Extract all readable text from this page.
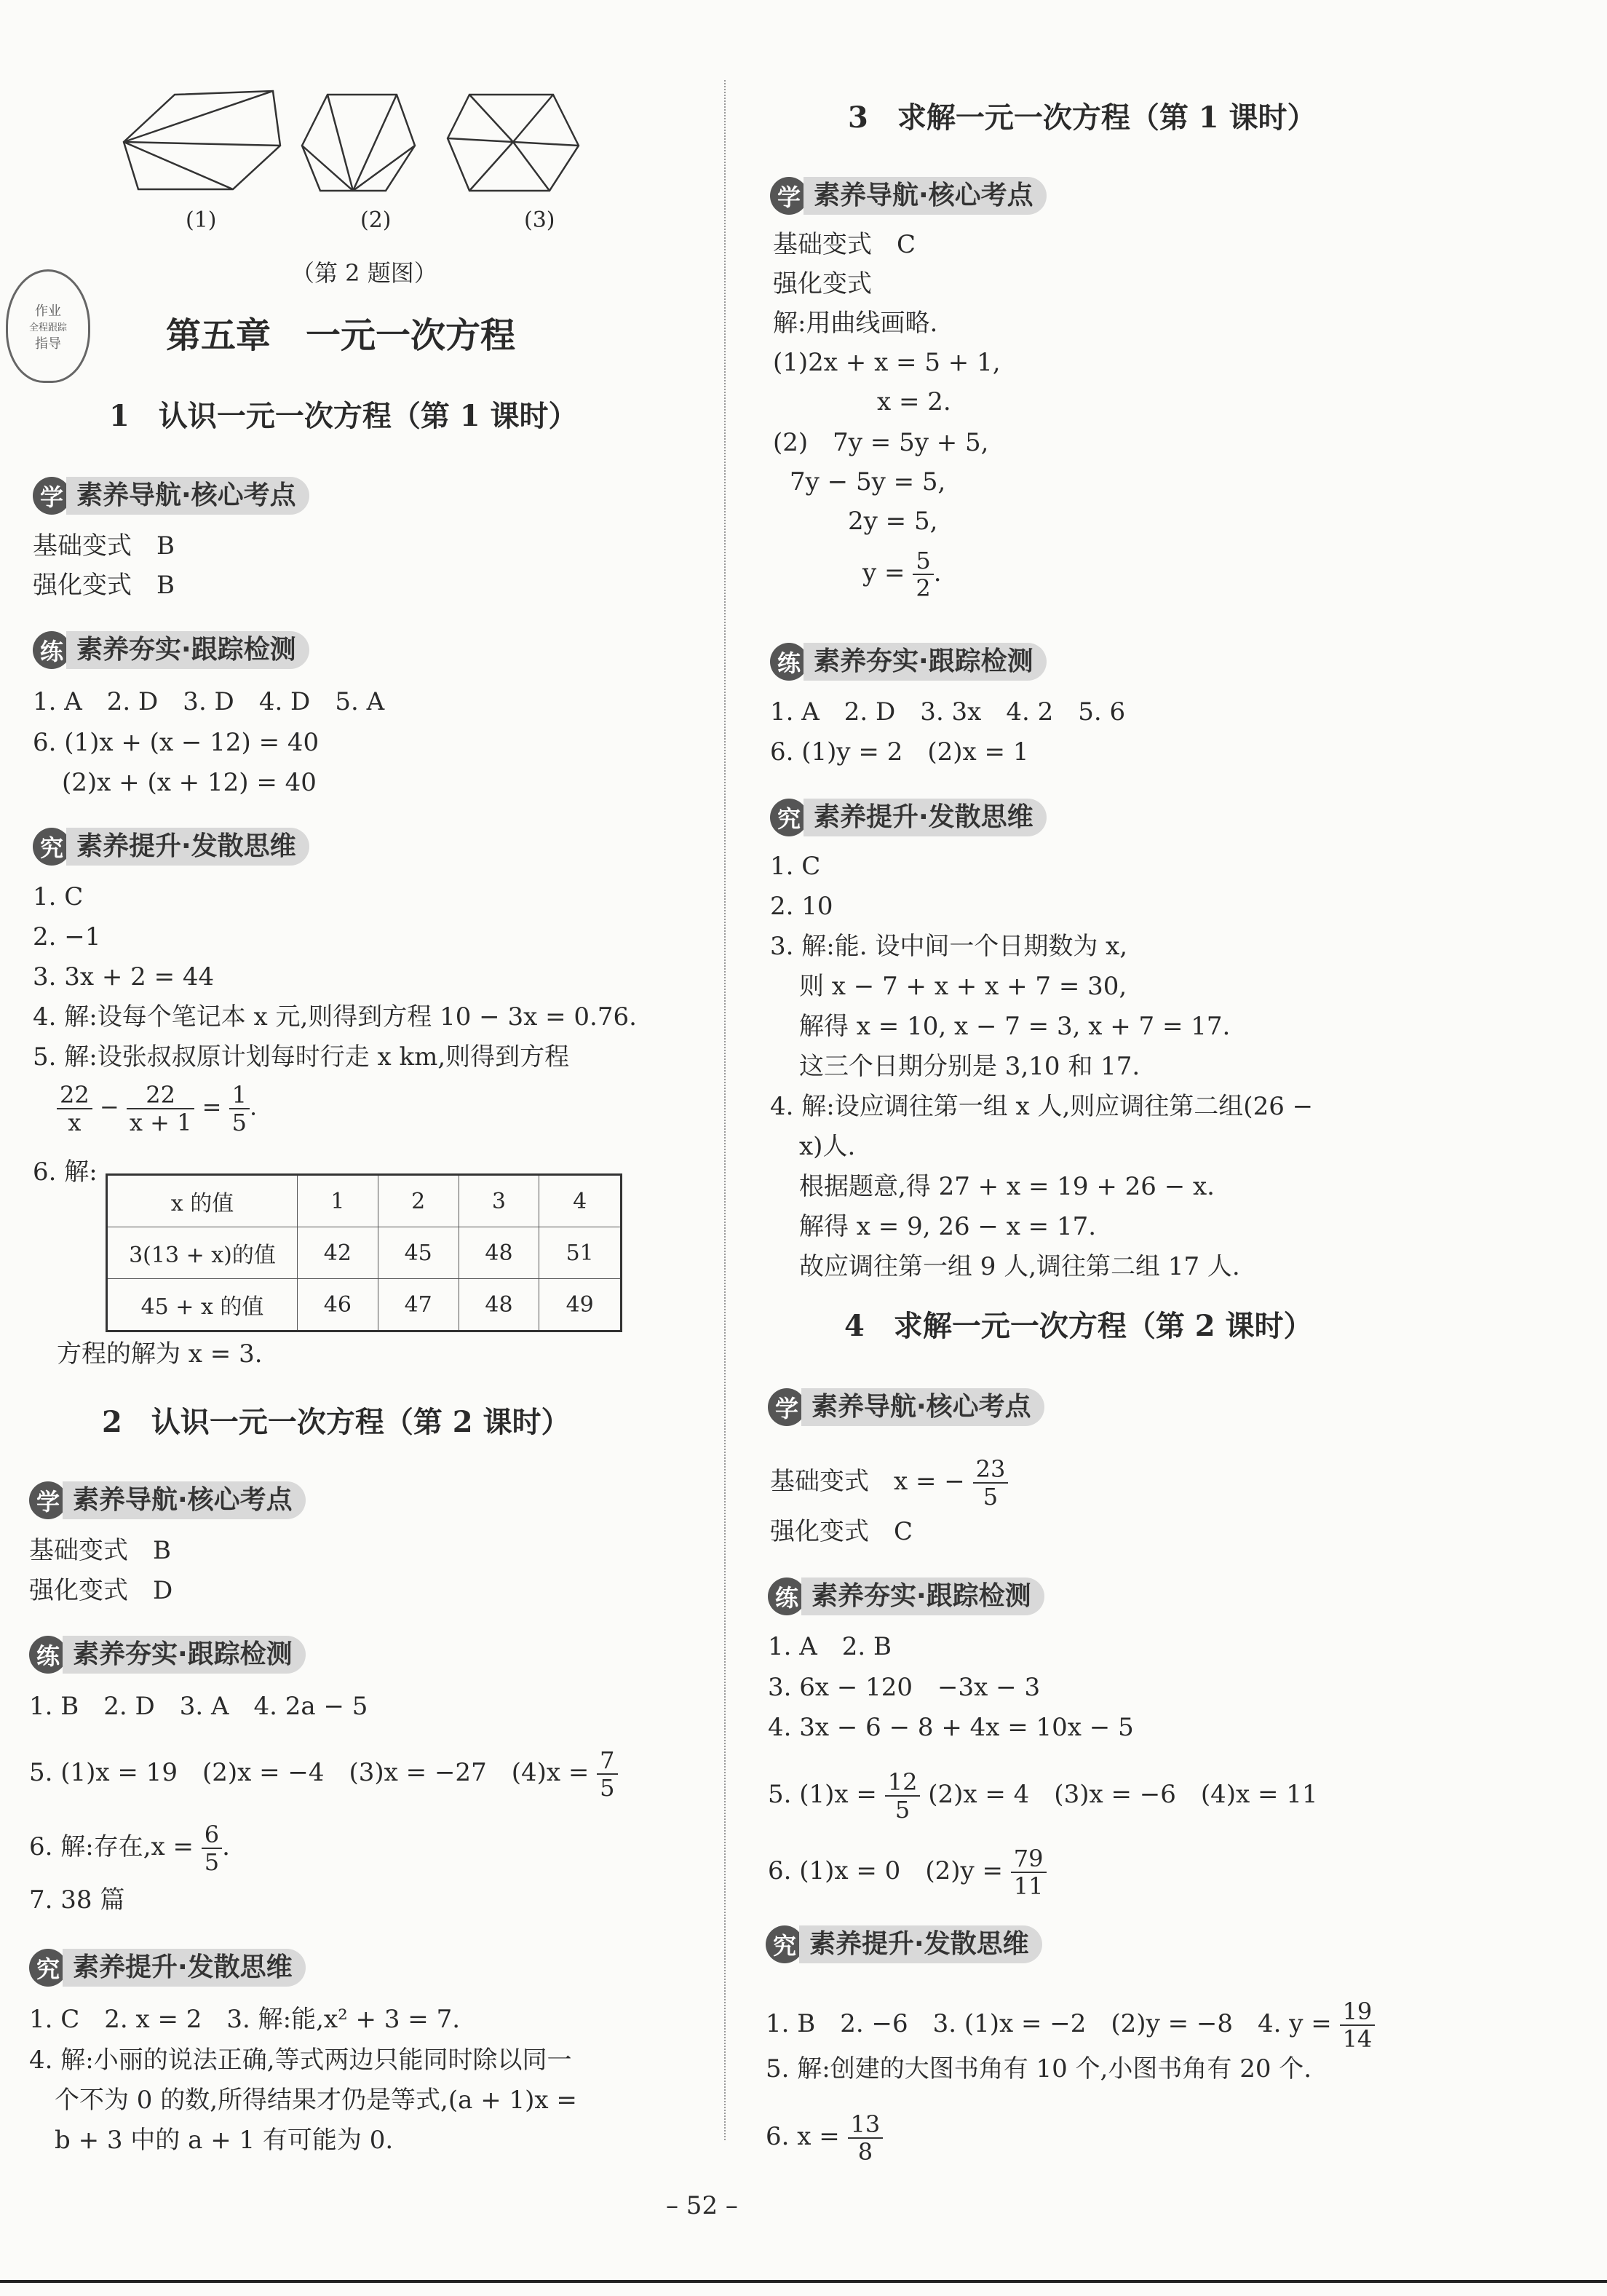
(1)	(2)	(3)
（第 2 题图）
作业
全程跟踪
指导	第五章　一元一次方程
1　认识一元一次方程（第 1 课时）
学 素养导航·核心考点
基础变式　B
强化变式　B
练 素养夯实·跟踪检测
1. A　2. D　3. D　4. D　5. A
6. (1)x + (x − 12) = 40
(2)x + (x + 12) = 40
究 素养提升·发散思维
1. C
2. −1
3. 3x + 2 = 44
4. 解:设每个笔记本 x 元,则得到方程 10 − 3x = 0.76.
5. 解:设张叔叔原计划每时行走 x km,则得到方程
$\frac{22}{x} - \frac{22}{x + 1} = \frac{1}{5}$ .
6. 解:
x 的值	1	2	3	4
3(13 + x)的值	42	45	48	51
45 + x 的值	46	47	48	49
方程的解为 x = 3.
2　认识一元一次方程（第 2 课时）
学 素养导航·核心考点
基础变式　B
强化变式　D
练 素养夯实·跟踪检测
1. B　2. D　3. A　4. 2a − 5
5. (1)x = 19　(2)x = −4　(3)x = −27　$(4)x = \frac{7}{5}$
6. 解:存在$,x = \frac{6}{5}$ .
7. 38 篇
究 素养提升·发散思维
1. C　2. x = 2　3. 解:能,x² + 3 = 7.
4. 解:小丽的说法正确,等式两边只能同时除以同一
个不为 0 的数,所得结果才仍是等式,(a + 1)x =
b + 3 中的 a + 1 有可能为 0.
3　求解一元一次方程（第 1 课时）
学 素养导航·核心考点
基础变式　C
强化变式
解:用曲线画略.
(1)2x + x = 5 + 1,
x = 2.
(2)　7y = 5y + 5,
7y − 5y = 5,
2y = 5,
$y = \frac{5}{2}$ .
练 素养夯实·跟踪检测
1. A　2. D　3. 3x　4. 2　5. 6
6. (1)y = 2　(2)x = 1
究 素养提升·发散思维
1. C
2. 10
3. 解:能. 设中间一个日期数为 x,
则 x − 7 + x + x + 7 = 30,
解得 x = 10, x − 7 = 3, x + 7 = 17.
这三个日期分别是 3,10 和 17.
4. 解:设应调往第一组 x 人,则应调往第二组(26 −
x)人.
根据题意,得 27 + x = 19 + 26 − x.
解得 x = 9, 26 − x = 17.
故应调往第一组 9 人,调往第二组 17 人.
4　求解一元一次方程（第 2 课时）
学 素养导航·核心考点
基础变式　x = − $\frac{23}{5}$
强化变式　C
练 素养夯实·跟踪检测
1. A　2. B
3. 6x − 120　−3x − 3
4. 3x − 6 − 8 + 4x = 10x − 5
5. $(1)x = \frac{12}{5} (2)x = 4$　(3)x = −6　(4)x = 11
6. (1)x = 0　$(2)y = \frac{79}{11}$
究 素养提升·发散思维
1. B　2. −6　3. (1)x = −2　(2)y = −8　4. $y = \frac{19}{14}$
5. 解:创建的大图书角有 10 个,小图书角有 20 个.
6. $x = \frac{13}{8}$
– 52 –
